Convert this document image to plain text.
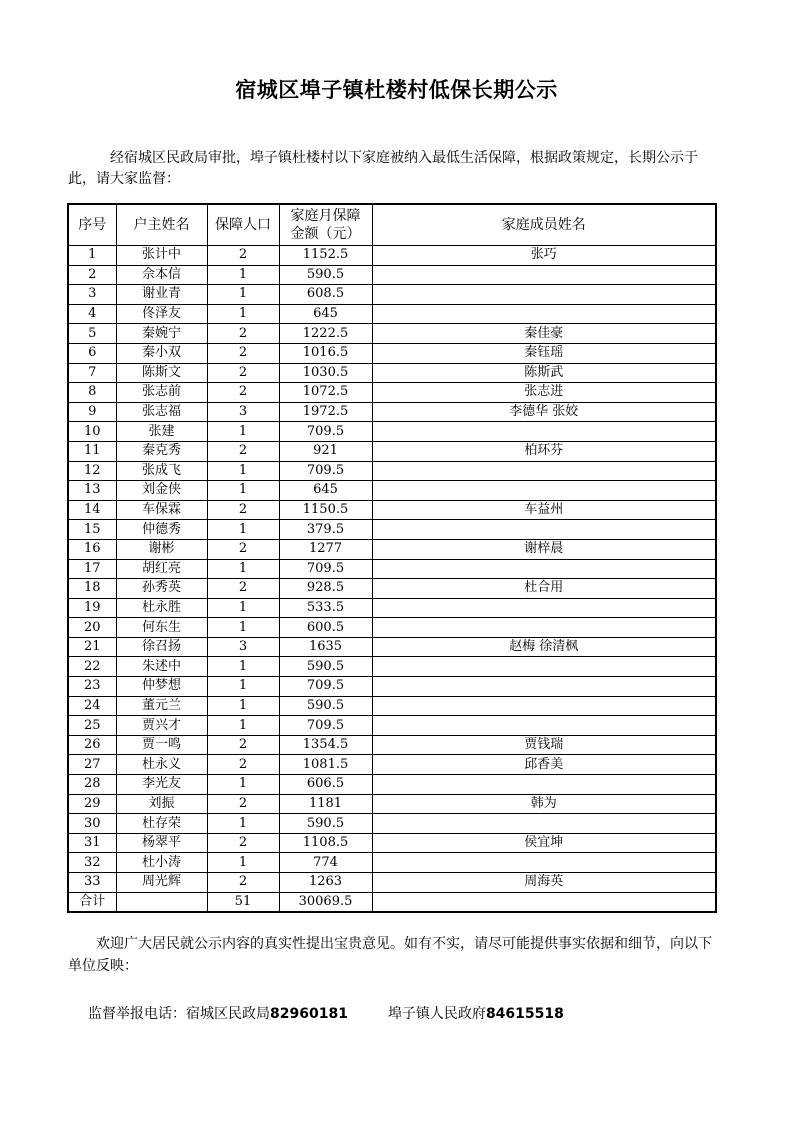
宿城区埠子镇杜楼村低保长期公示

经宿城区民政局审批，埠子镇杜楼村以下家庭被纳入最低生活保障，根据政策规定，长期公示于此，请大家监督：

序号	户主姓名	保障人口	家庭月保障
金额（元）	家庭成员姓名
1	张计中	2	1152.5	张巧
2	佘本信	1	590.5	
3	谢业青	1	608.5	
4	佟泽友	1	645	
5	秦婉宁	2	1222.5	秦佳豪
6	秦小双	2	1016.5	秦钰瑶
7	陈斯文	2	1030.5	陈斯武
8	张志前	2	1072.5	张志进
9	张志福	3	1972.5	李德华 张姣
10	张建	1	709.5	
11	秦克秀	2	921	柏环芬
12	张成飞	1	709.5	
13	刘金侠	1	645	
14	车保霖	2	1150.5	车益州
15	仲德秀	1	379.5	
16	谢彬	2	1277	谢梓晨
17	胡红亮	1	709.5	
18	孙秀英	2	928.5	杜合用
19	杜永胜	1	533.5	
20	何东生	1	600.5	
21	徐召扬	3	1635	赵梅 徐清枫
22	朱述中	1	590.5	
23	仲梦想	1	709.5	
24	董元兰	1	590.5	
25	贾兴才	1	709.5	
26	贾一鸣	2	1354.5	贾钱瑞
27	杜永义	2	1081.5	邱香美
28	李光友	1	606.5	
29	刘振	2	1181	韩为
30	杜存荣	1	590.5	
31	杨翠平	2	1108.5	侯宜坤
32	杜小涛	1	774	
33	周光辉	2	1263	周海英
合计		51	30069.5	

欢迎广大居民就公示内容的真实性提出宝贵意见。如有不实，请尽可能提供事实依据和细节，向以下单位反映：

监督举报电话：宿城区民政局82960181	埠子镇人民政府84615518
